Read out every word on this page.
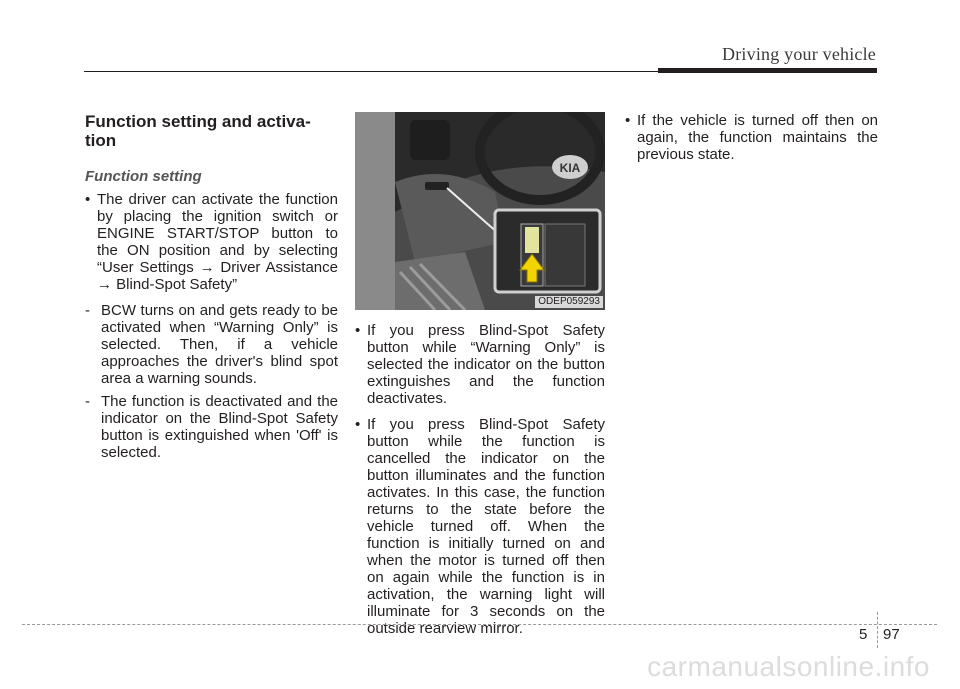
Driving your vehicle
Function setting and activa-
tion
Function setting

• The driver can activate the function by placing the ignition switch or ENGINE START/STOP button to the ON position and by selecting “User Settings → Driver Assistance → Blind-Spot Safety”

- BCW turns on and gets ready to be activated when “Warning Only” is selected. Then, if a vehicle approaches the driver's blind spot area a warning sounds.

- The function is deactivated and the indicator on the Blind-Spot Safety button is extinguished when 'Off' is selected.

KIA
ODEP059293

• If you press Blind-Spot Safety button while “Warning Only” is selected the indicator on the button extinguishes and the function deactivates.

• If you press Blind-Spot Safety button while the function is cancelled the indicator on the button illuminates and the function activates. In this case, the function returns to the state before the vehicle turned off. When the function is initially turned on and when the motor is turned off then on again while the function is in activation, the warning light will illuminate for 3 seconds on the outside rearview mirror.

• If the vehicle is turned off then on again, the function maintains the previous state.

5 97
carmanualsonline.info
